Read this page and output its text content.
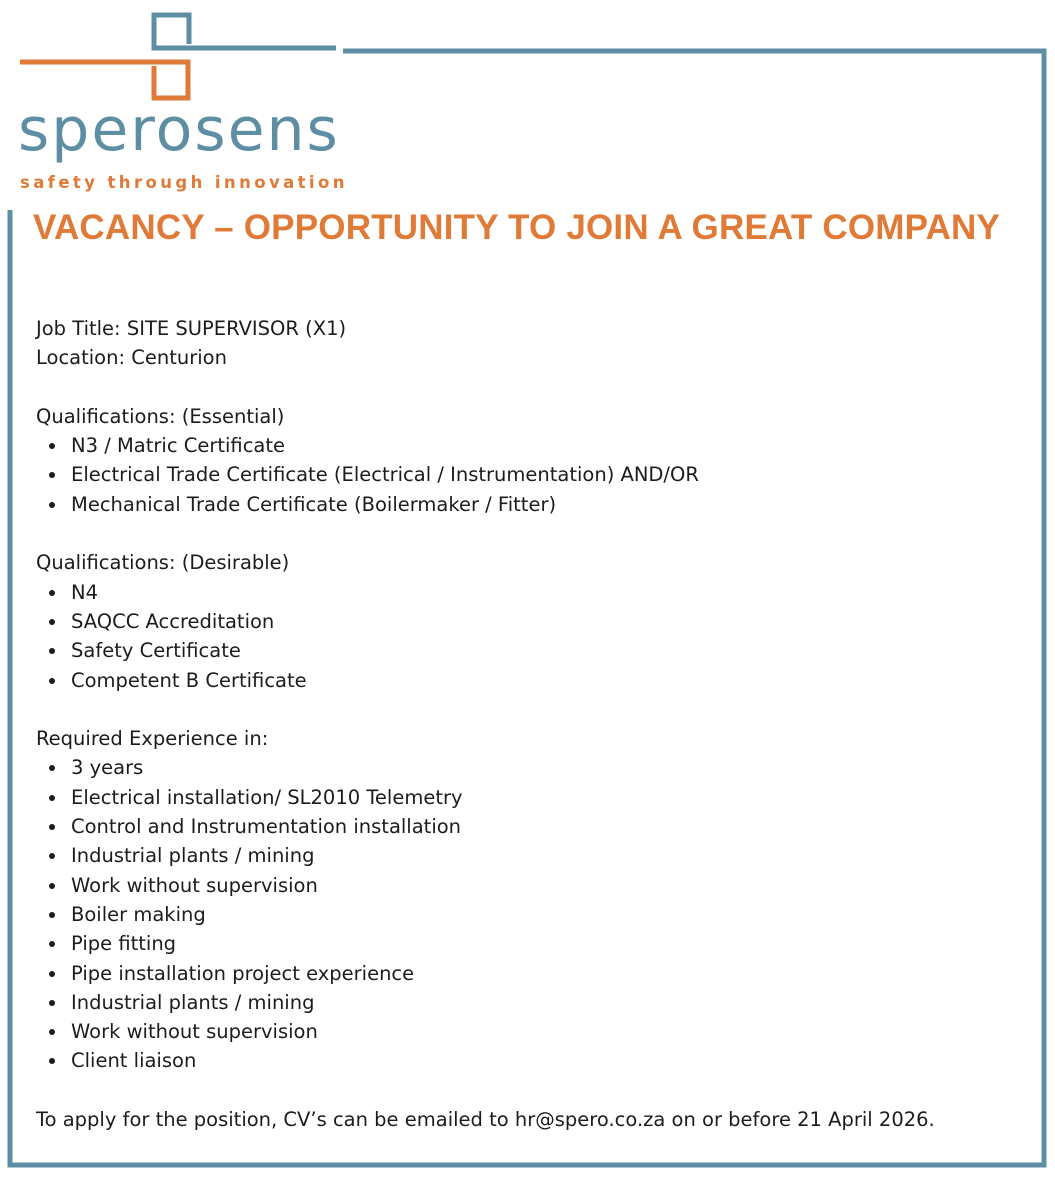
sperosens
safety through innovation
VACANCY – OPPORTUNITY TO JOIN A GREAT COMPANY

Job Title: SITE SUPERVISOR (X1)

Location: Centurion

Qualifications: (Essential)

N3 / Matric Certificate
Electrical Trade Certificate (Electrical / Instrumentation) AND/OR
Mechanical Trade Certificate (Boilermaker / Fitter)

Qualifications: (Desirable)

N4
SAQCC Accreditation
Safety Certificate
Competent B Certificate

Required Experience in:

3 years
Electrical installation/ SL2010 Telemetry
Control and Instrumentation installation
Industrial plants / mining
Work without supervision
Boiler making
Pipe fitting
Pipe installation project experience
Industrial plants / mining
Work without supervision
Client liaison

To apply for the position, CV’s can be emailed to hr@spero.co.za on or before 21 April 2026.
